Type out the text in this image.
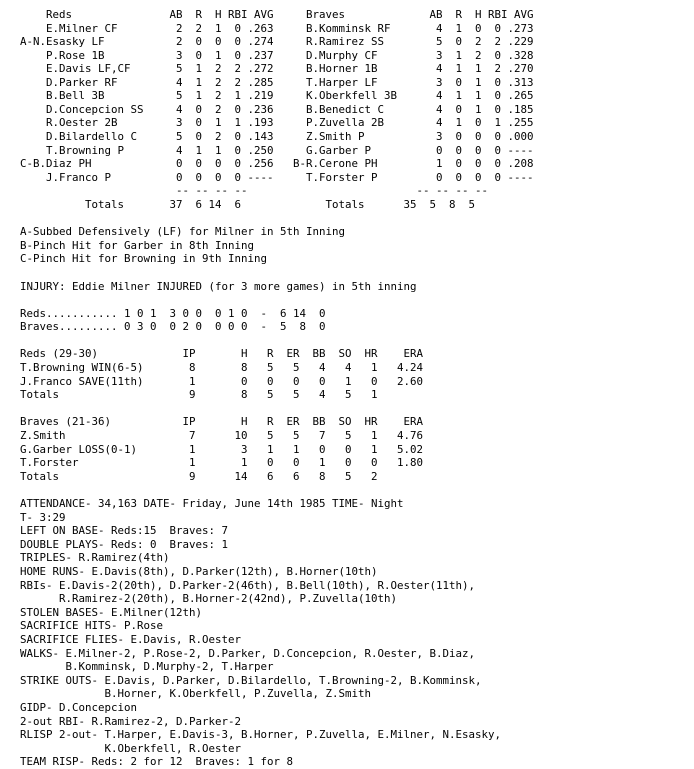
Reds               AB  R  H RBI AVG     Braves             AB  R  H RBI AVG
E.Milner CF         2  2  1  0 .263     B.Komminsk RF       4  1  0  0 .273
A-N.Esasky LF           2  0  0  0 .274     R.Ramirez SS        5  0  2  2 .229
P.Rose 1B           3  0  1  0 .237     D.Murphy CF         3  1  2  0 .328
E.Davis LF,CF       5  1  2  2 .272     B.Horner 1B         4  1  1  2 .270
D.Parker RF         4  1  2  2 .285     T.Harper LF         3  0  1  0 .313
B.Bell 3B           5  1  2  1 .219     K.Oberkfell 3B      4  1  1  0 .265
D.Concepcion SS     4  0  2  0 .236     B.Benedict C        4  0  1  0 .185
R.Oester 2B         3  0  1  1 .193     P.Zuvella 2B        4  1  0  1 .255
D.Bilardello C      5  0  2  0 .143     Z.Smith P           3  0  0  0 .000
T.Browning P        4  1  1  0 .250     G.Garber P          0  0  0  0 ----
C-B.Diaz PH             0  0  0  0 .256   B-R.Cerone PH         1  0  0  0 .208
J.Franco P          0  0  0  0 ----     T.Forster P         0  0  0  0 ----
-- -- -- --                          -- -- -- --
Totals       37  6 14  6             Totals      35  5  8  5
A-Subbed Defensively (LF) for Milner in 5th Inning
B-Pinch Hit for Garber in 8th Inning
C-Pinch Hit for Browning in 9th Inning
INJURY: Eddie Milner INJURED (for 3 more games) in 5th inning
Reds........... 1 0 1  3 0 0  0 1 0  -  6 14  0
Braves......... 0 3 0  0 2 0  0 0 0  -  5  8  0
Reds (29-30)             IP       H   R  ER  BB  SO  HR    ERA
T.Browning WIN(6-5)       8       8   5   5   4   4   1   4.24
J.Franco SAVE(11th)       1       0   0   0   0   1   0   2.60
Totals                    9       8   5   5   4   5   1
Braves (21-36)           IP       H   R  ER  BB  SO  HR    ERA
Z.Smith                   7      10   5   5   7   5   1   4.76
G.Garber LOSS(0-1)        1       3   1   1   0   0   1   5.02
T.Forster                 1       1   0   0   1   0   0   1.80
Totals                    9      14   6   6   8   5   2
ATTENDANCE- 34,163 DATE- Friday, June 14th 1985 TIME- Night
T- 3:29
LEFT ON BASE- Reds:15  Braves: 7
DOUBLE PLAYS- Reds: 0  Braves: 1
TRIPLES- R.Ramirez(4th)
HOME RUNS- E.Davis(8th), D.Parker(12th), B.Horner(10th)
RBIs- E.Davis-2(20th), D.Parker-2(46th), B.Bell(10th), R.Oester(11th),
R.Ramirez-2(20th), B.Horner-2(42nd), P.Zuvella(10th)
STOLEN BASES- E.Milner(12th)
SACRIFICE HITS- P.Rose
SACRIFICE FLIES- E.Davis, R.Oester
WALKS- E.Milner-2, P.Rose-2, D.Parker, D.Concepcion, R.Oester, B.Diaz,
B.Komminsk, D.Murphy-2, T.Harper
STRIKE OUTS- E.Davis, D.Parker, D.Bilardello, T.Browning-2, B.Komminsk,
B.Horner, K.Oberkfell, P.Zuvella, Z.Smith
GIDP- D.Concepcion
2-out RBI- R.Ramirez-2, D.Parker-2
RLISP 2-out- T.Harper, E.Davis-3, B.Horner, P.Zuvella, E.Milner, N.Esasky,
K.Oberkfell, R.Oester
TEAM RISP- Reds: 2 for 12  Braves: 1 for 8
